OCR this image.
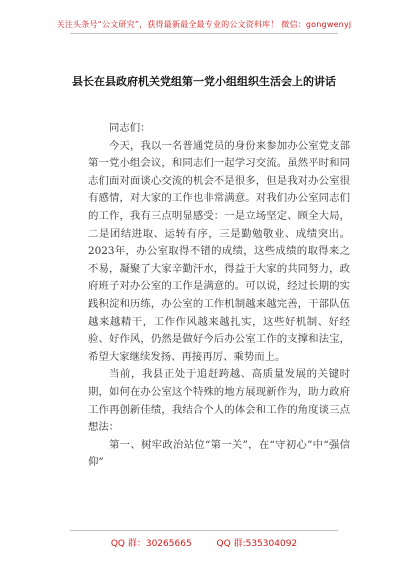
关注头条号“公文研究”，获得最新最全最专业的公文资料库！ 微信：gongwenyj
县长在县政府机关党组第一党小组组织生活会上的讲话
同志们：
今天，我以一名普通党员的身份来参加办公室党支部第一党小组会议，和同志们一起学习交流。虽然平时和同志们面对面谈心交流的机会不是很多，但是我对办公室很有感情，对大家的工作也非常满意。对我们办公室同志们的工作，我有三点明显感受：一是立场坚定、顾全大局，二是团结进取、运转有序，三是勤勉敬业、成绩突出。2023年，办公室取得不错的成绩，这些成绩的取得来之不易，凝聚了大家辛勤汗水，得益于大家的共同努力，政府班子对办公室的工作是满意的。可以说，经过长期的实践积淀和历练，办公室的工作机制越来越完善，干部队伍越来越精干，工作作风越来越扎实，这些好机制、好经验、好作风，仍然是做好今后办公室工作的支撑和法宝，希望大家继续发扬、再接再厉、乘势而上。
当前，我县正处于追赶跨越、高质量发展的关键时期，如何在办公室这个特殊的地方展现新作为，助力政府工作再创新佳绩，我结合个人的体会和工作的角度谈三点想法：
第一、树牢政治站位“第一关”，在“守初心”中“强信仰”
QQ 群：30265665	QQ 群:535304092
